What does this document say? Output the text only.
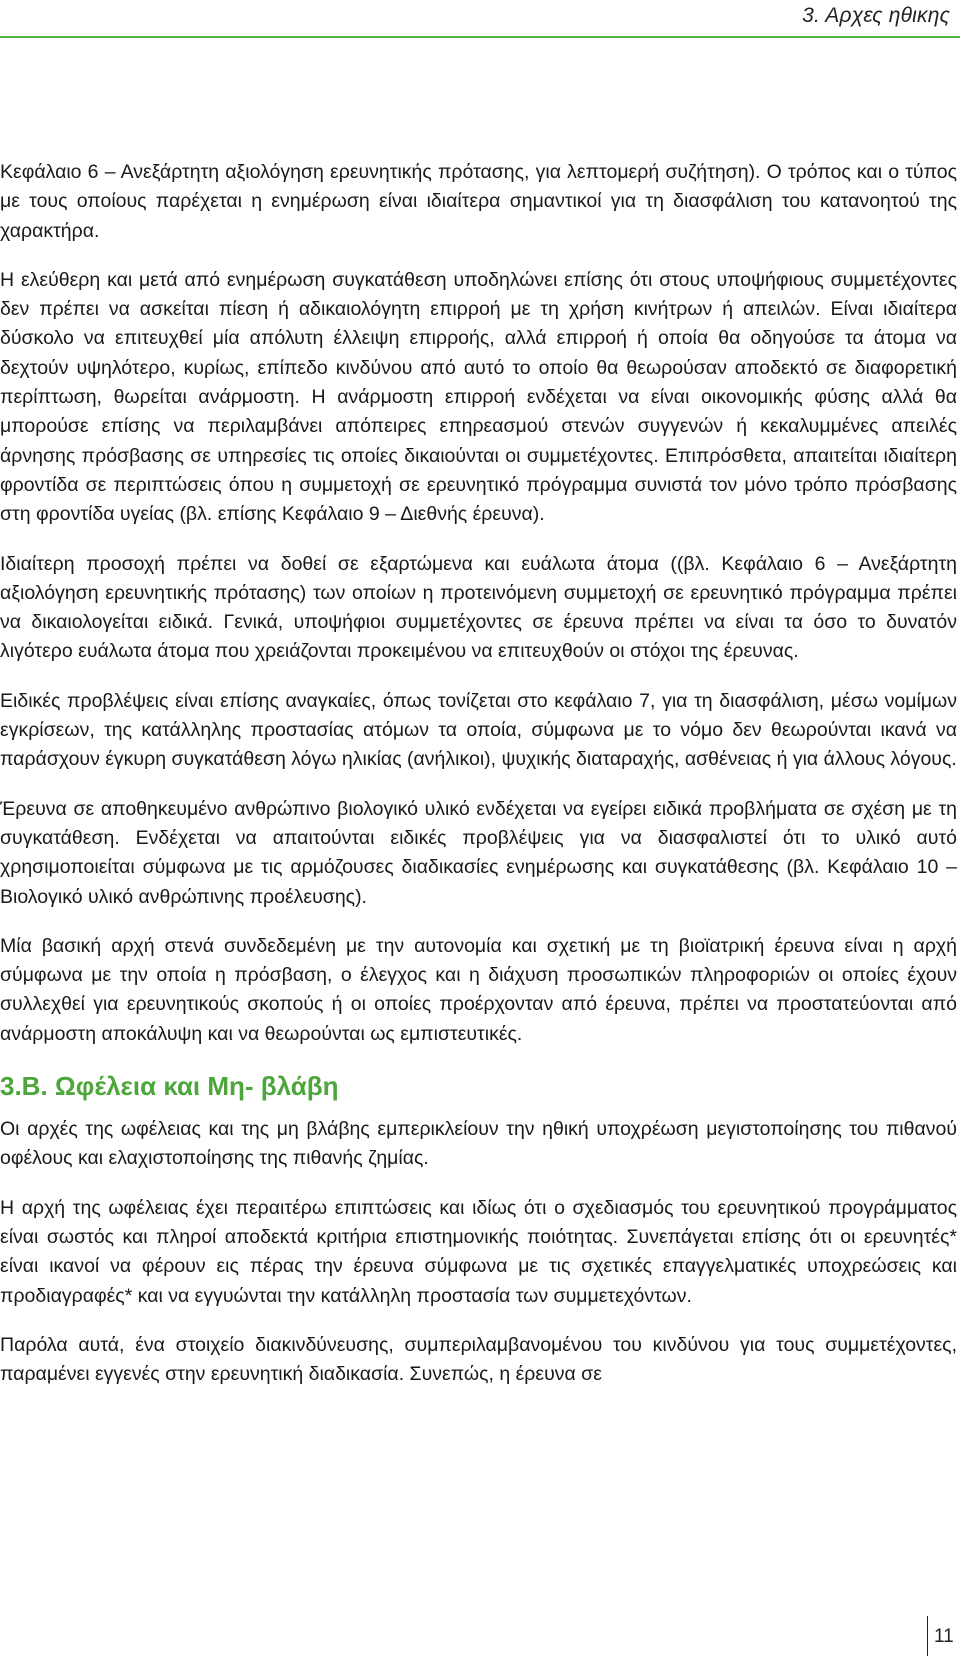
3. Αρχες ηθικης

Κεφάλαιο 6 – Ανεξάρτητη αξιολόγηση ερευνητικής πρότασης, για λεπτομερή συζήτηση). Ο τρόπος και ο τύπος με τους οποίους παρέχεται η ενημέρωση είναι ιδιαίτερα σημαντικοί για τη διασφάλιση του κατανοητού της χαρακτήρα.

Η ελεύθερη και μετά από ενημέρωση συγκατάθεση υποδηλώνει επίσης ότι στους υποψήφιους συμμετέχοντες δεν πρέπει να ασκείται πίεση ή αδικαιολόγητη επιρροή με τη χρήση κινήτρων ή απειλών. Είναι ιδιαίτερα δύσκολο να επιτευχθεί μία απόλυτη έλλειψη επιρροής, αλλά επιρροή ή οποία θα οδηγούσε τα άτομα να δεχτούν υψηλότερο, κυρίως, επίπεδο κινδύνου από αυτό το οποίο θα θεωρούσαν αποδεκτό σε διαφορετική περίπτωση, θωρείται ανάρμοστη. Η ανάρμοστη επιρροή ενδέχεται να είναι οικονομικής φύσης αλλά θα μπορούσε επίσης να περιλαμβάνει απόπειρες επηρεασμού στενών συγγενών ή κεκαλυμμένες απειλές άρνησης πρόσβασης σε υπηρεσίες τις οποίες δικαιούνται οι συμμετέχοντες. Επιπρόσθετα, απαιτείται ιδιαίτερη φροντίδα σε περιπτώσεις όπου η συμμετοχή σε ερευνητικό πρόγραμμα συνιστά τον μόνο τρόπο πρόσβασης στη φροντίδα υγείας (βλ. επίσης Κεφάλαιο 9 – Διεθνής έρευνα).

Ιδιαίτερη προσοχή πρέπει να δοθεί σε εξαρτώμενα και ευάλωτα άτομα ((βλ. Κεφάλαιο 6 – Ανεξάρτητη αξιολόγηση ερευνητικής πρότασης) των οποίων η προτεινόμενη συμμετοχή σε ερευνητικό πρόγραμμα πρέπει να δικαιολογείται ειδικά. Γενικά, υποψήφιοι συμμετέχοντες σε έρευνα πρέπει να είναι τα όσο το δυνατόν λιγότερο ευάλωτα άτομα που χρειάζονται προκειμένου να επιτευχθούν οι στόχοι της έρευνας.

Ειδικές προβλέψεις είναι επίσης αναγκαίες, όπως τονίζεται στο κεφάλαιο 7, για τη διασφάλιση, μέσω νομίμων εγκρίσεων, της κατάλληλης προστασίας ατόμων τα οποία, σύμφωνα με το νόμο δεν θεωρούνται ικανά να παράσχουν έγκυρη συγκατάθεση λόγω ηλικίας (ανήλικοι), ψυχικής διαταραχής, ασθένειας ή για άλλους λόγους.

Έρευνα σε αποθηκευμένο ανθρώπινο βιολογικό υλικό ενδέχεται να εγείρει ειδικά προβλήματα σε σχέση με τη συγκατάθεση. Ενδέχεται να απαιτούνται ειδικές προβλέψεις για να διασφαλιστεί ότι το υλικό αυτό χρησιμοποιείται σύμφωνα με τις αρμόζουσες διαδικασίες ενημέρωσης και συγκατάθεσης (βλ. Κεφάλαιο 10 – Βιολογικό υλικό ανθρώπινης προέλευσης).

Μία βασική αρχή στενά συνδεδεμένη με την αυτονομία και σχετική με τη βιοϊατρική έρευνα είναι η αρχή σύμφωνα με την οποία η πρόσβαση, ο έλεγχος και η διάχυση προσωπικών πληροφοριών οι οποίες έχουν συλλεχθεί για ερευνητικούς σκοπούς ή οι οποίες προέρχονταν από έρευνα, πρέπει να προστατεύονται από ανάρμοστη αποκάλυψη και να θεωρούνται ως εμπιστευτικές.

3.Β. Ωφέλεια και Μη- βλάβη

Οι αρχές της ωφέλειας και της μη βλάβης εμπερικλείουν την ηθική υποχρέωση μεγιστοποίησης του πιθανού οφέλους και ελαχιστοποίησης της πιθανής ζημίας.

Η αρχή της ωφέλειας έχει περαιτέρω επιπτώσεις και ιδίως ότι ο σχεδιασμός του ερευνητικού προγράμματος είναι σωστός και πληροί αποδεκτά κριτήρια επιστημονικής ποιότητας. Συνεπάγεται επίσης ότι οι ερευνητές* είναι ικανοί να φέρουν εις πέρας την έρευνα σύμφωνα με τις σχετικές επαγγελματικές υποχρεώσεις και προδιαγραφές* και να εγγυώνται την κατάλληλη προστασία των συμμετεχόντων.

Παρόλα αυτά, ένα στοιχείο διακινδύνευσης, συμπεριλαμβανομένου του κινδύνου για τους συμμετέχοντες, παραμένει εγγενές στην ερευνητική διαδικασία. Συνεπώς, η έρευνα σε

11
